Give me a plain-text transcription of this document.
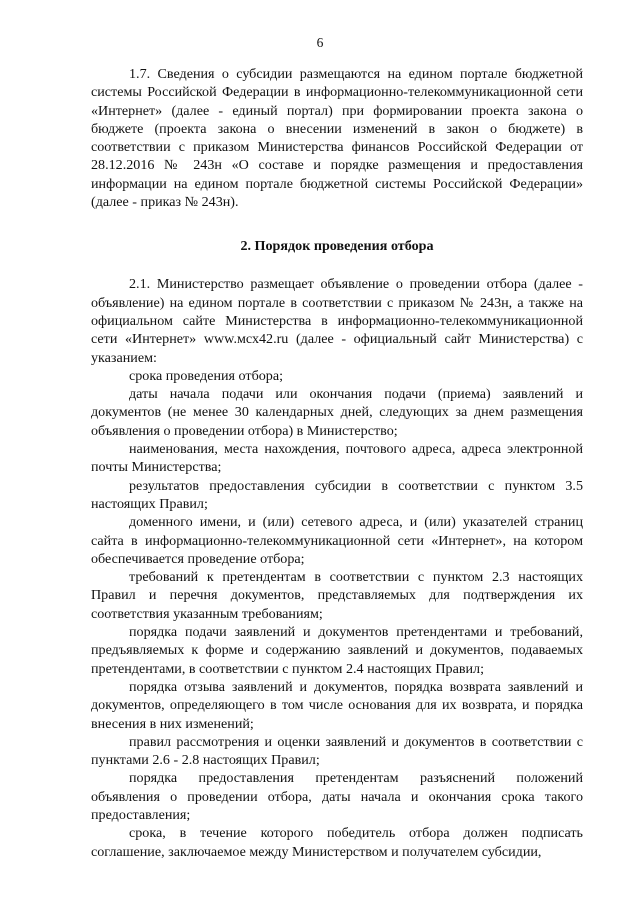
6

1.7. Сведения о субсидии размещаются на едином портале бюджетной системы Российской Федерации в информационно-телекоммуникационной сети «Интернет» (далее - единый портал) при формировании проекта закона о бюджете (проекта закона о внесении изменений в закон о бюджете) в соответствии с приказом Министерства финансов Российской Федерации от 28.12.2016 № 243н «О составе и порядке размещения и предоставления информации на едином портале бюджетной системы Российской Федерации» (далее - приказ № 243н).

2. Порядок проведения отбора

2.1. Министерство размещает объявление о проведении отбора (далее - объявление) на едином портале в соответствии с приказом № 243н, а также на официальном сайте Министерства в информационно-телекоммуникационной сети «Интернет» www.мсх42.ru (далее - официальный сайт Министерства) с указанием:

срока проведения отбора;

даты начала подачи или окончания подачи (приема) заявлений и документов (не менее 30 календарных дней, следующих за днем размещения объявления о проведении отбора) в Министерство;

наименования, места нахождения, почтового адреса, адреса электронной почты Министерства;

результатов предоставления субсидии в соответствии с пунктом 3.5 настоящих Правил;

доменного имени, и (или) сетевого адреса, и (или) указателей страниц сайта в информационно-телекоммуникационной сети «Интернет», на котором обеспечивается проведение отбора;

требований к претендентам в соответствии с пунктом 2.3 настоящих Правил и перечня документов, представляемых для подтверждения их соответствия указанным требованиям;

порядка подачи заявлений и документов претендентами и требований, предъявляемых к форме и содержанию заявлений и документов, подаваемых претендентами, в соответствии с пунктом 2.4 настоящих Правил;

порядка отзыва заявлений и документов, порядка возврата заявлений и документов, определяющего в том числе основания для их возврата, и порядка внесения в них изменений;

правил рассмотрения и оценки заявлений и документов в соответствии с пунктами 2.6 - 2.8 настоящих Правил;

порядка предоставления претендентам разъяснений положений объявления о проведении отбора, даты начала и окончания срока такого предоставления;

срока, в течение которого победитель отбора должен подписать соглашение, заключаемое между Министерством и получателем субсидии,
